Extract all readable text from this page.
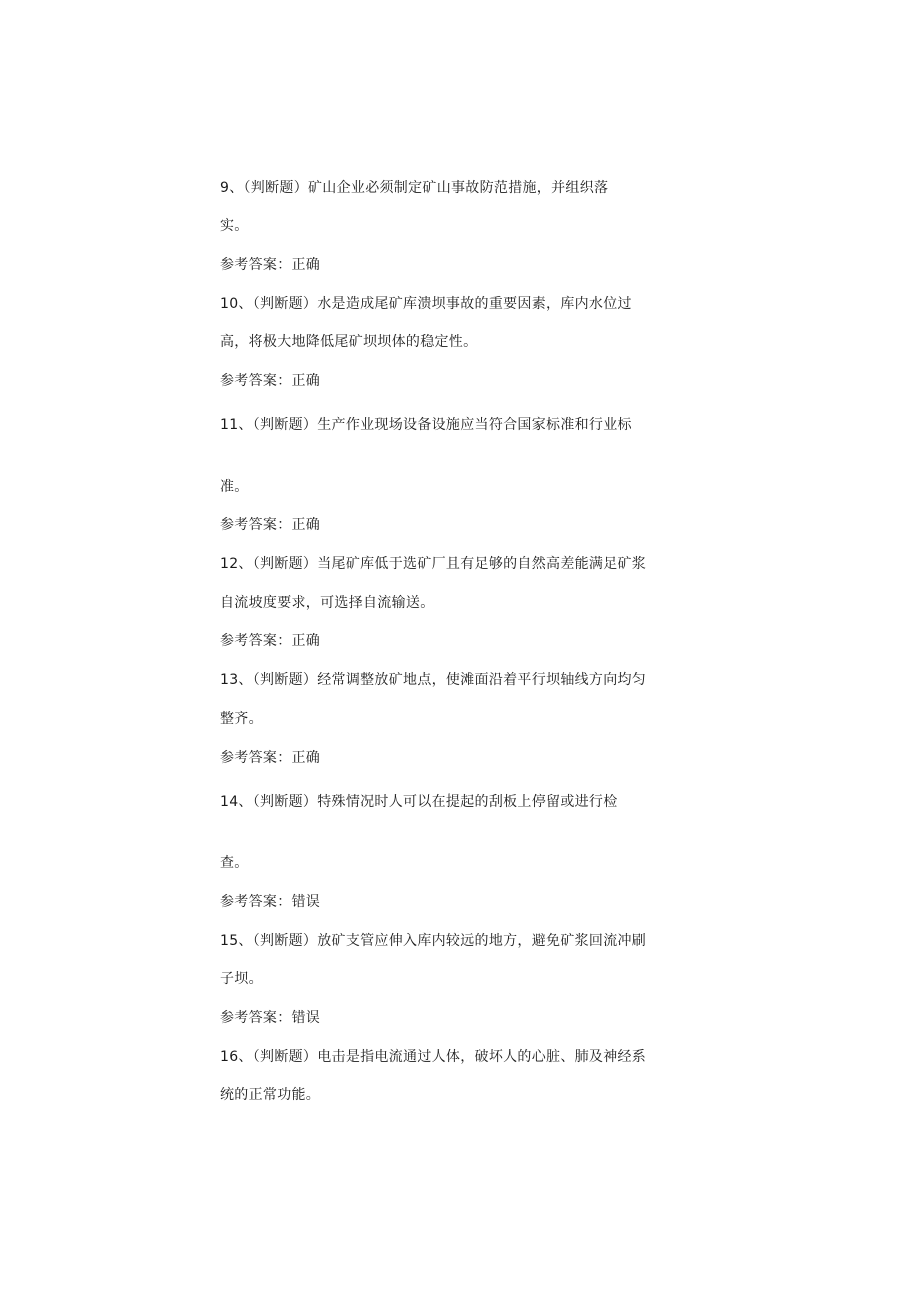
9、（判断题）矿山企业必须制定矿山事故防范措施，并组织落
实。
参考答案：正确
10、（判断题）水是造成尾矿库溃坝事故的重要因素，库内水位过
高，将极大地降低尾矿坝坝体的稳定性。
参考答案：正确
11、（判断题）生产作业现场设备设施应当符合国家标准和行业标
准。
参考答案：正确
12、（判断题）当尾矿库低于选矿厂且有足够的自然高差能满足矿浆
自流坡度要求，可选择自流输送。
参考答案：正确
13、（判断题）经常调整放矿地点，使滩面沿着平行坝轴线方向均匀
整齐。
参考答案：正确
14、（判断题）特殊情况时人可以在提起的刮板上停留或进行检
查。
参考答案：错误
15、（判断题）放矿支管应伸入库内较远的地方，避免矿浆回流冲刷
子坝。
参考答案：错误
16、（判断题）电击是指电流通过人体，破坏人的心脏、肺及神经系
统的正常功能。
